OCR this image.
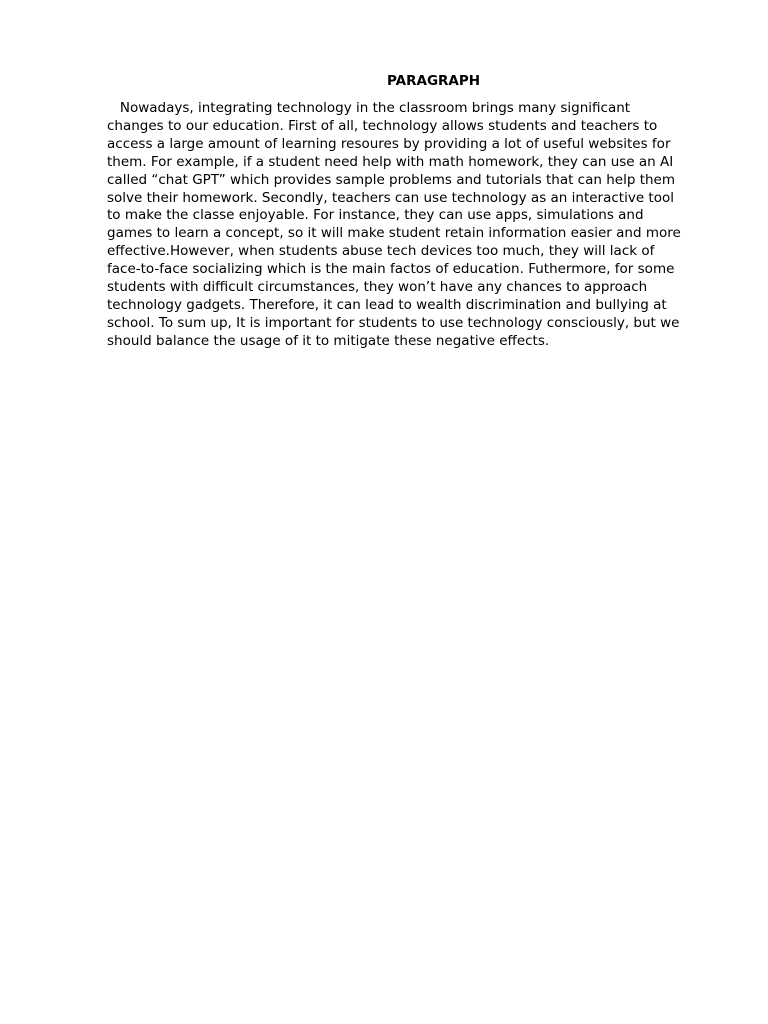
PARAGRAPH

Nowadays, integrating technology in the classroom brings many significant
changes to our education. First of all, technology allows students and teachers to
access a large amount of learning resoures by providing a lot of useful websites for
them. For example, if a student need help with math homework, they can use an AI
called “chat GPT” which provides sample problems and tutorials that can help them
solve their homework. Secondly, teachers can use technology as an interactive tool
to make the classe enjoyable. For instance, they can use apps, simulations and
games to learn a concept, so it will make student retain information easier and more
effective.However, when students abuse tech devices too much, they will lack of
face-to-face socializing which is the main factos of education. Futhermore, for some
students with difficult circumstances, they won’t have any chances to approach
technology gadgets. Therefore, it can lead to wealth discrimination and bullying at
school. To sum up, It is important for students to use technology consciously, but we
should balance the usage of it to mitigate these negative effects.
